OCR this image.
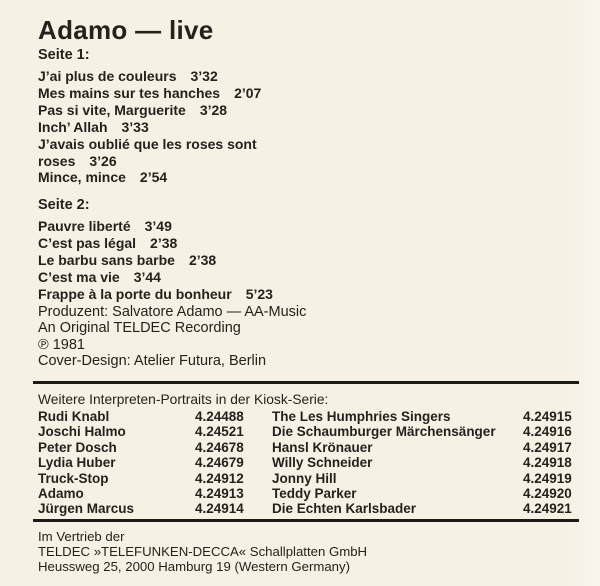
Adamo — live
Seite 1:
J’ai plus de couleurs 3’32
Mes mains sur tes hanches 2’07
Pas si vite, Marguerite 3’28
Inch’ Allah 3’33
J’avais oublié que les roses sont
roses 3’26
Mince, mince 2’54
Seite 2:
Pauvre liberté 3’49
C’est pas légal 2’38
Le barbu sans barbe 2’38
C’est ma vie 3’44
Frappe à la porte du bonheur 5’23
Produzent: Salvatore Adamo — AA-Music
An Original TELDEC Recording
℗ 1981
Cover-Design: Atelier Futura, Berlin
Weitere Interpreten-Portraits in der Kiosk-Serie:
Rudi Knabl	4.24488	The Les Humphries Singers	4.24915
Joschi Halmo	4.24521	Die Schaumburger Märchensänger	4.24916
Peter Dosch	4.24678	Hansl Krönauer	4.24917
Lydia Huber	4.24679	Willy Schneider	4.24918
Truck-Stop	4.24912	Jonny Hill	4.24919
Adamo	4.24913	Teddy Parker	4.24920
Jürgen Marcus	4.24914	Die Echten Karlsbader	4.24921
Im Vertrieb der
TELDEC »TELEFUNKEN-DECCA« Schallplatten GmbH
Heussweg 25, 2000 Hamburg 19 (Western Germany)
